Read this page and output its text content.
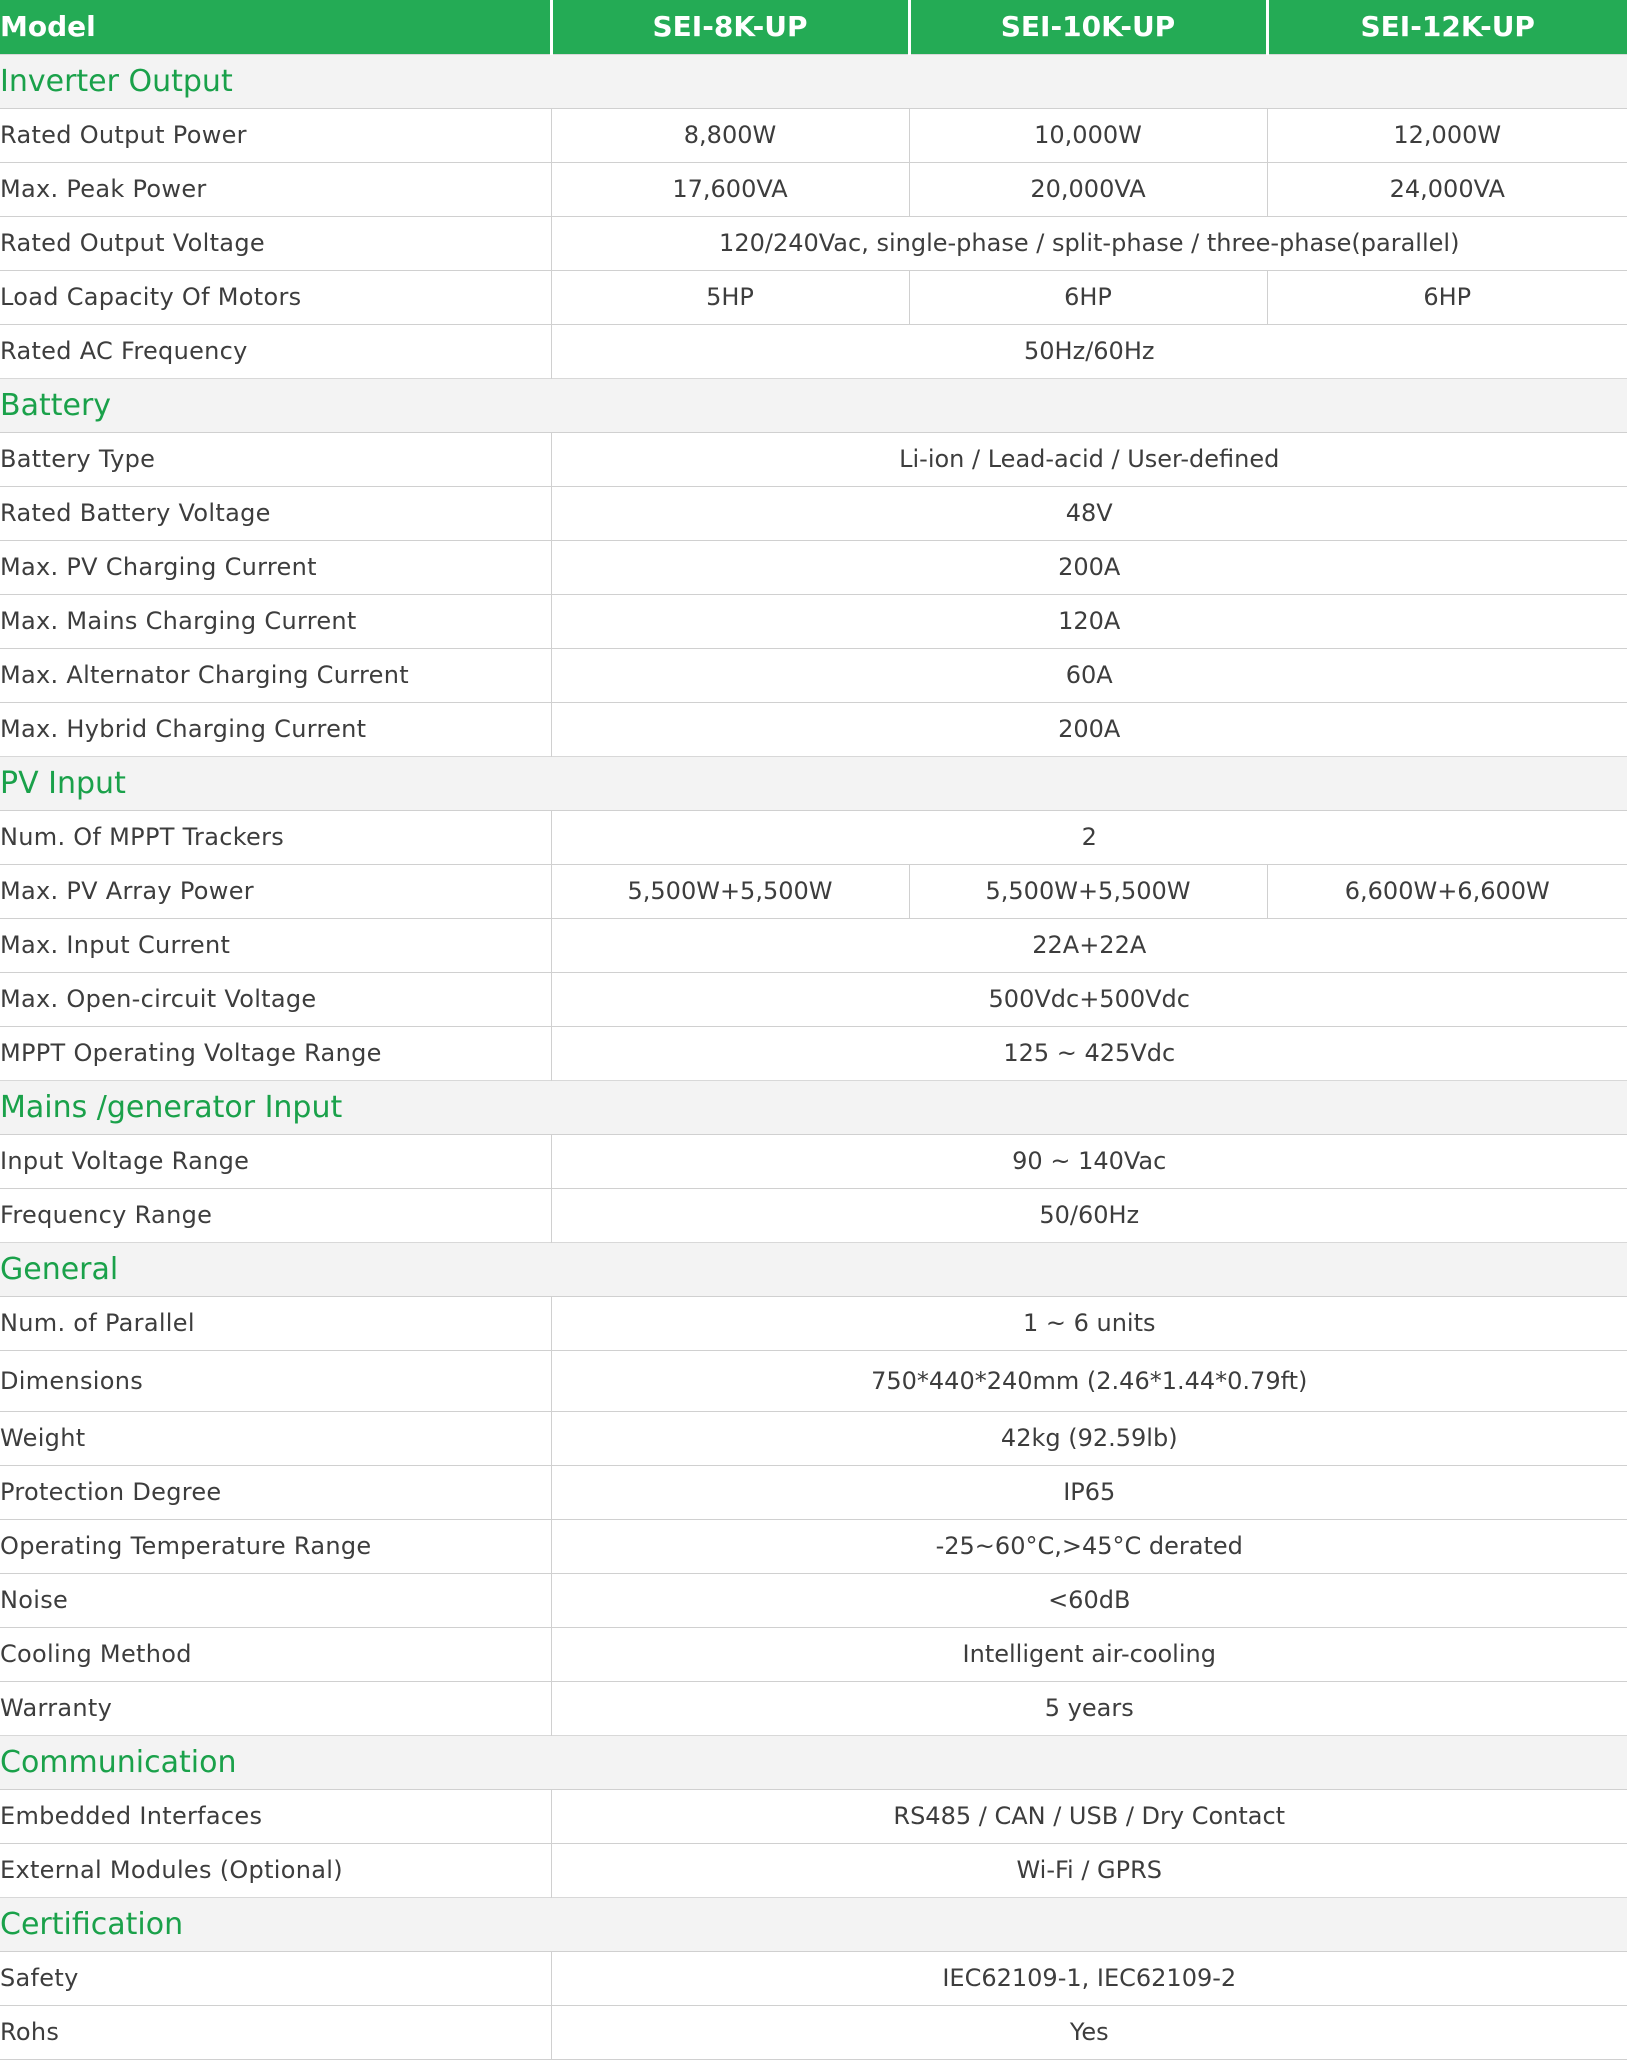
Model	SEI-8K-UP	SEI-10K-UP	SEI-12K-UP
Inverter Output			
Rated Output Power	8,800W	10,000W	12,000W
Max. Peak Power	17,600VA	20,000VA	24,000VA
Rated Output Voltage	120/240Vac, single-phase / split-phase / three-phase(parallel)		
Load Capacity Of Motors	5HP	6HP	6HP
Rated AC Frequency	50Hz/60Hz		
Battery			
Battery Type	Li-ion / Lead-acid / User-defined		
Rated Battery Voltage	48V		
Max. PV Charging Current	200A		
Max. Mains Charging Current	120A		
Max. Alternator Charging Current	60A		
Max. Hybrid Charging Current	200A		
PV Input			
Num. Of MPPT Trackers	2		
Max. PV Array Power	5,500W+5,500W	5,500W+5,500W	6,600W+6,600W
Max. Input Current	22A+22A		
Max. Open-circuit Voltage	500Vdc+500Vdc		
MPPT Operating Voltage Range	125 ~ 425Vdc		
Mains /generator Input			
Input Voltage Range	90 ~ 140Vac		
Frequency Range	50/60Hz		
General			
Num. of Parallel	1 ~ 6 units		
Dimensions	750*440*240mm (2.46*1.44*0.79ft)		
Weight	42kg (92.59lb)		
Protection Degree	IP65		
Operating Temperature Range	-25~60°C,>45°C derated		
Noise	<60dB		
Cooling Method	Intelligent air-cooling		
Warranty	5 years		
Communication			
Embedded Interfaces	RS485 / CAN / USB / Dry Contact		
External Modules (Optional)	Wi-Fi / GPRS		
Certification			
Safety	IEC62109-1, IEC62109-2		
Rohs	Yes		
